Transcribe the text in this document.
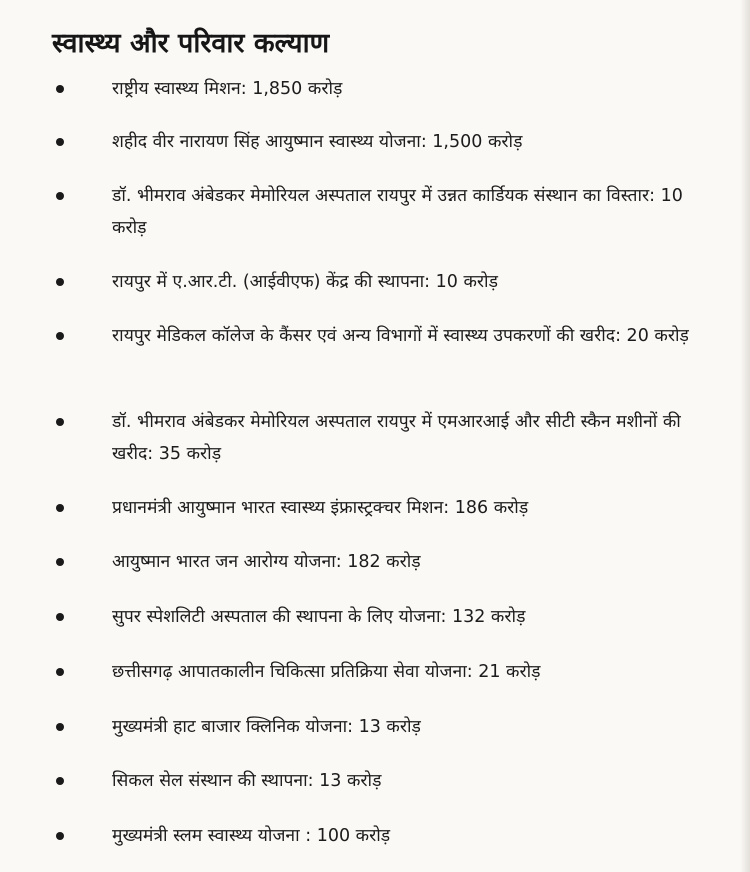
स्वास्थ्य और परिवार कल्याण
राष्ट्रीय स्वास्थ्य मिशन: 1,850 करोड़
शहीद वीर नारायण सिंह आयुष्मान स्वास्थ्य योजना: 1,500 करोड़
डॉ. भीमराव अंबेडकर मेमोरियल अस्पताल रायपुर में उन्नत कार्डियक संस्थान का विस्तार: 10 करोड़
रायपुर में ए.आर.टी. (आईवीएफ) केंद्र की स्थापना: 10 करोड़
रायपुर मेडिकल कॉलेज के कैंसर एवं अन्य विभागों में स्वास्थ्य उपकरणों की खरीद: 20 करोड़
डॉ. भीमराव अंबेडकर मेमोरियल अस्पताल रायपुर में एमआरआई और सीटी स्कैन मशीनों की खरीद: 35 करोड़
प्रधानमंत्री आयुष्मान भारत स्वास्थ्य इंफ्रास्ट्रक्चर मिशन: 186 करोड़
आयुष्मान भारत जन आरोग्य योजना: 182 करोड़
सुपर स्पेशलिटी अस्पताल की स्थापना के लिए योजना: 132 करोड़
छत्तीसगढ़ आपातकालीन चिकित्सा प्रतिक्रिया सेवा योजना: 21 करोड़
मुख्यमंत्री हाट बाजार क्लिनिक योजना: 13 करोड़
सिकल सेल संस्थान की स्थापना: 13 करोड़
मुख्यमंत्री स्लम स्वास्थ्य योजना : 100 करोड़
